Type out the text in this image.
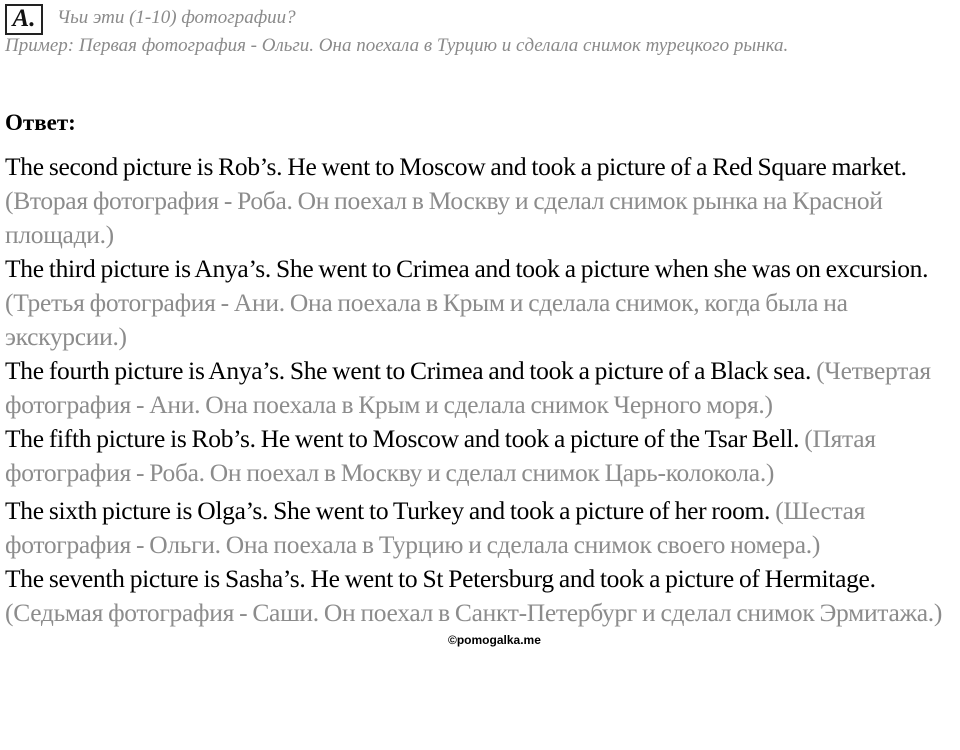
A.	Чьи эти (1-10) фотографии?
Пример: Первая фотография - Ольги. Она поехала в Турцию и сделала снимок турецкого рынка.
Ответ:
The second picture is Rob’s. He went to Moscow and took a picture of a Red Square market. (Вторая фотография - Роба. Он поехал в Москву и сделал снимок рынка на Красной площади.)
The third picture is Anya’s. She went to Crimea and took a picture when she was on excursion. (Третья фотография - Ани. Она поехала в Крым и сделала снимок, когда была на экскурсии.)
The fourth picture is Anya’s. She went to Crimea and took a picture of a Black sea. (Четвертая фотография - Ани. Она поехала в Крым и сделала снимок Черного моря.)
The fifth picture is Rob’s. He went to Moscow and took a picture of the Tsar Bell. (Пятая фотография - Роба. Он поехал в Москву и сделал снимок Царь-колокола.)
The sixth picture is Olga’s. She went to Turkey and took a picture of her room. (Шестая фотография - Ольги. Она поехала в Турцию и сделала снимок своего номера.)
The seventh picture is Sasha’s. He went to St Petersburg and took a picture of Hermitage. (Седьмая фотография - Саши. Он поехал в Санкт-Петербург и сделал снимок Эрмитажа.)
©pomogalka.me
